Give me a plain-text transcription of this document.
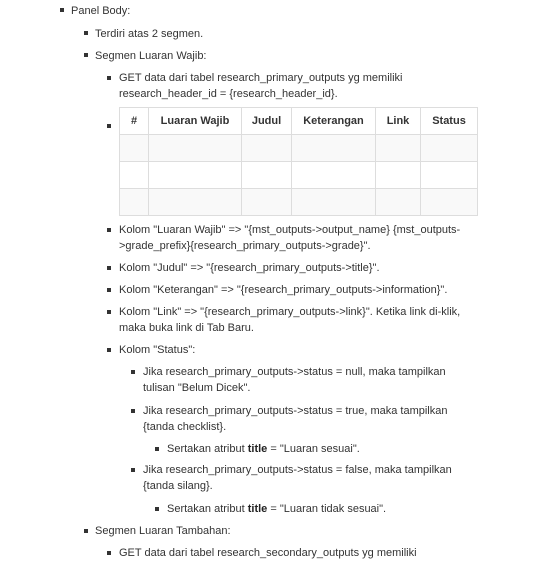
Panel Body:
Terdiri atas 2 segmen.
Segmen Luaran Wajib:
GET data dari tabel research_primary_outputs yg memiliki
research_header_id = {research_header_id}.
#	Luaran Wajib	Judul	Keterangan	Link	Status

Kolom "Luaran Wajib" => "{mst_outputs->output_name} {mst_outputs-
>grade_prefix}{research_primary_outputs->grade}".
Kolom "Judul" => "{research_primary_outputs->title}".
Kolom "Keterangan" => "{research_primary_outputs->information}".
Kolom "Link" => "{research_primary_outputs->link}". Ketika link di-klik,
maka buka link di Tab Baru.
Kolom "Status":
Jika research_primary_outputs->status = null, maka tampilkan
tulisan "Belum Dicek".
Jika research_primary_outputs->status = true, maka tampilkan
{tanda checklist}.
Sertakan atribut title = "Luaran sesuai".
Jika research_primary_outputs->status = false, maka tampilkan
{tanda silang}.
Sertakan atribut title = "Luaran tidak sesuai".
Segmen Luaran Tambahan:
GET data dari tabel research_secondary_outputs yg memiliki
